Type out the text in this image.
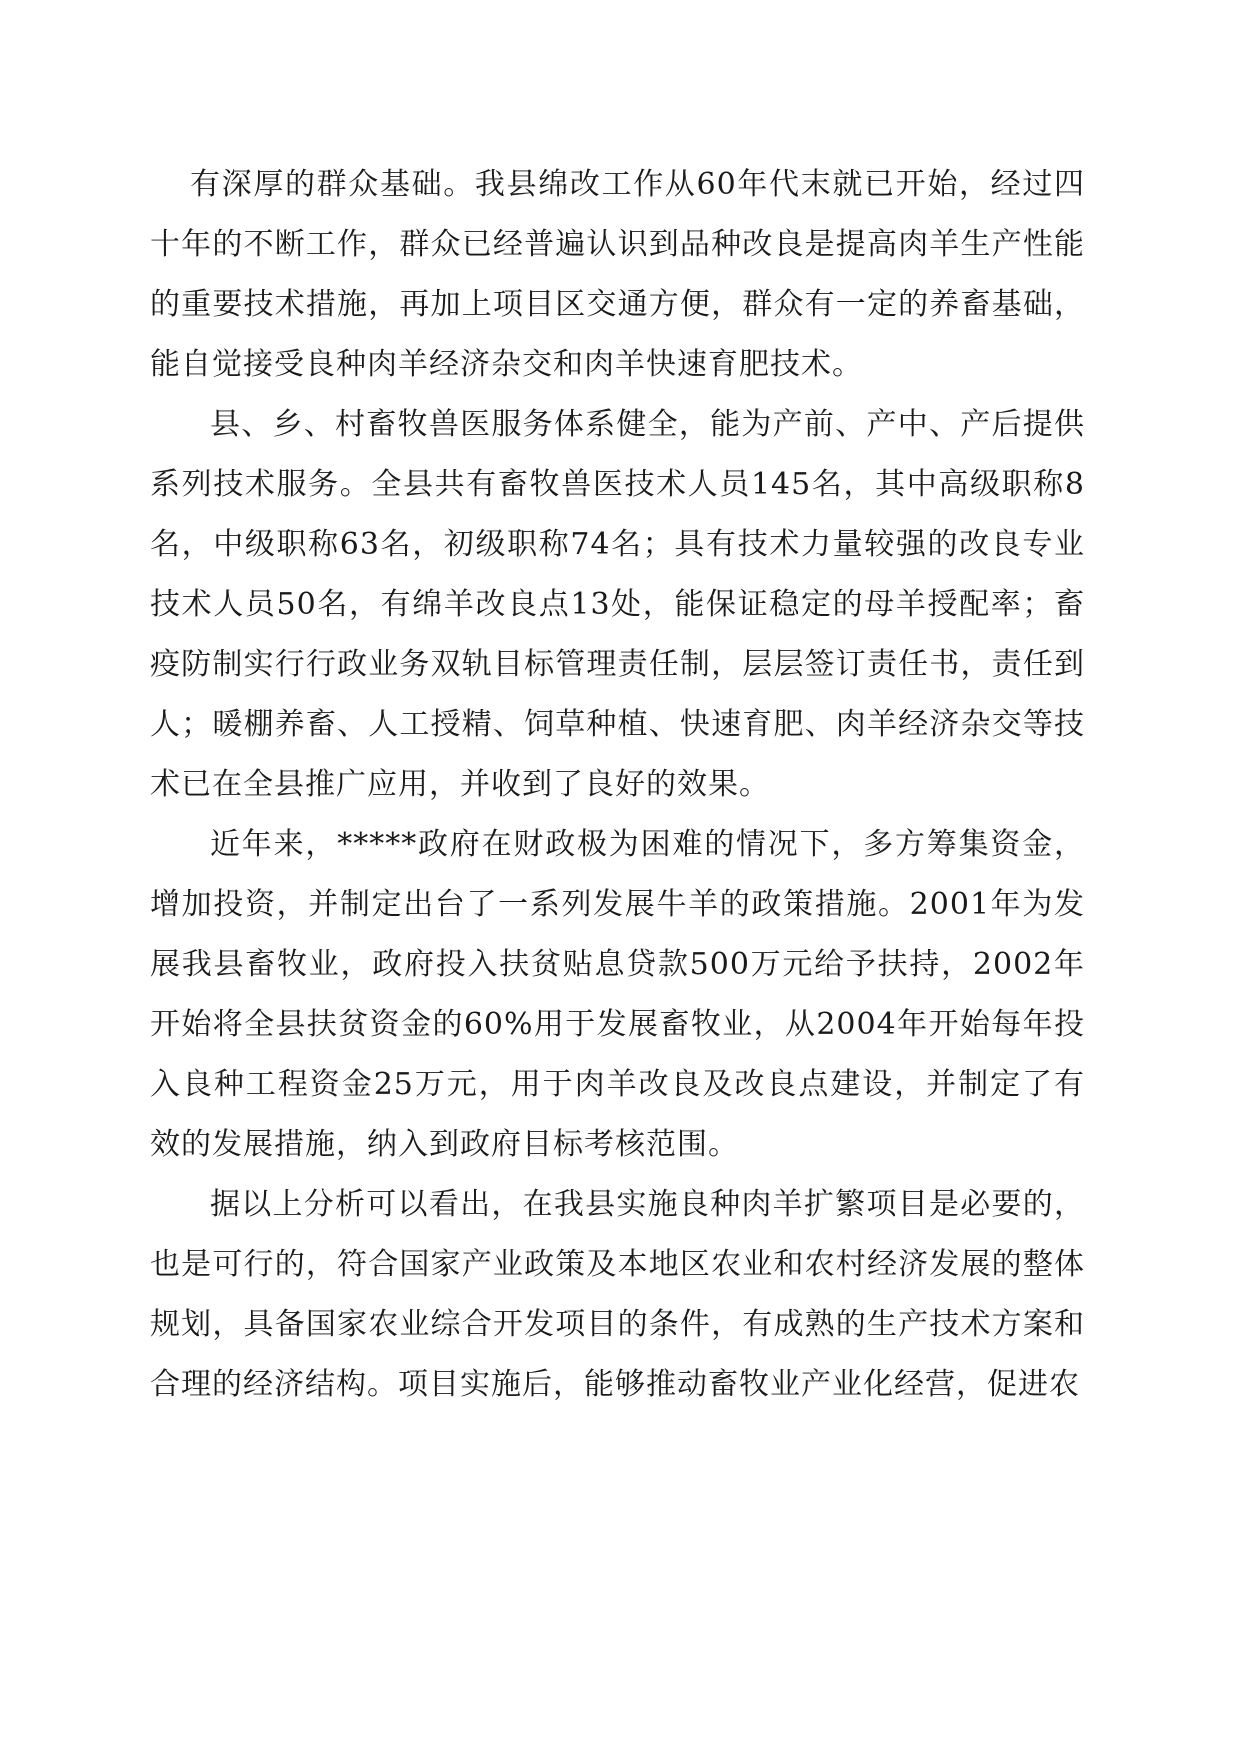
有深厚的群众基础。我县绵改工作从60年代末就已开始，经过四十年的不断工作，群众已经普遍认识到品种改良是提高肉羊生产性能的重要技术措施，再加上项目区交通方便，群众有一定的养畜基础，能自觉接受良种肉羊经济杂交和肉羊快速育肥技术。

县、乡、村畜牧兽医服务体系健全，能为产前、产中、产后提供系列技术服务。全县共有畜牧兽医技术人员145名，其中高级职称8名，中级职称63名，初级职称74名；具有技术力量较强的改良专业技术人员50名，有绵羊改良点13处，能保证稳定的母羊授配率；畜疫防制实行行政业务双轨目标管理责任制，层层签订责任书，责任到人；暖棚养畜、人工授精、饲草种植、快速育肥、肉羊经济杂交等技术已在全县推广应用，并收到了良好的效果。

近年来，*****政府在财政极为困难的情况下，多方筹集资金，增加投资，并制定出台了一系列发展牛羊的政策措施。2001年为发展我县畜牧业，政府投入扶贫贴息贷款500万元给予扶持，2002年开始将全县扶贫资金的60%用于发展畜牧业，从2004年开始每年投入良种工程资金25万元，用于肉羊改良及改良点建设，并制定了有效的发展措施，纳入到政府目标考核范围。

据以上分析可以看出，在我县实施良种肉羊扩繁项目是必要的，也是可行的，符合国家产业政策及本地区农业和农村经济发展的整体规划，具备国家农业综合开发项目的条件，有成熟的生产技术方案和合理的经济结构。项目实施后，能够推动畜牧业产业化经营，促进农
